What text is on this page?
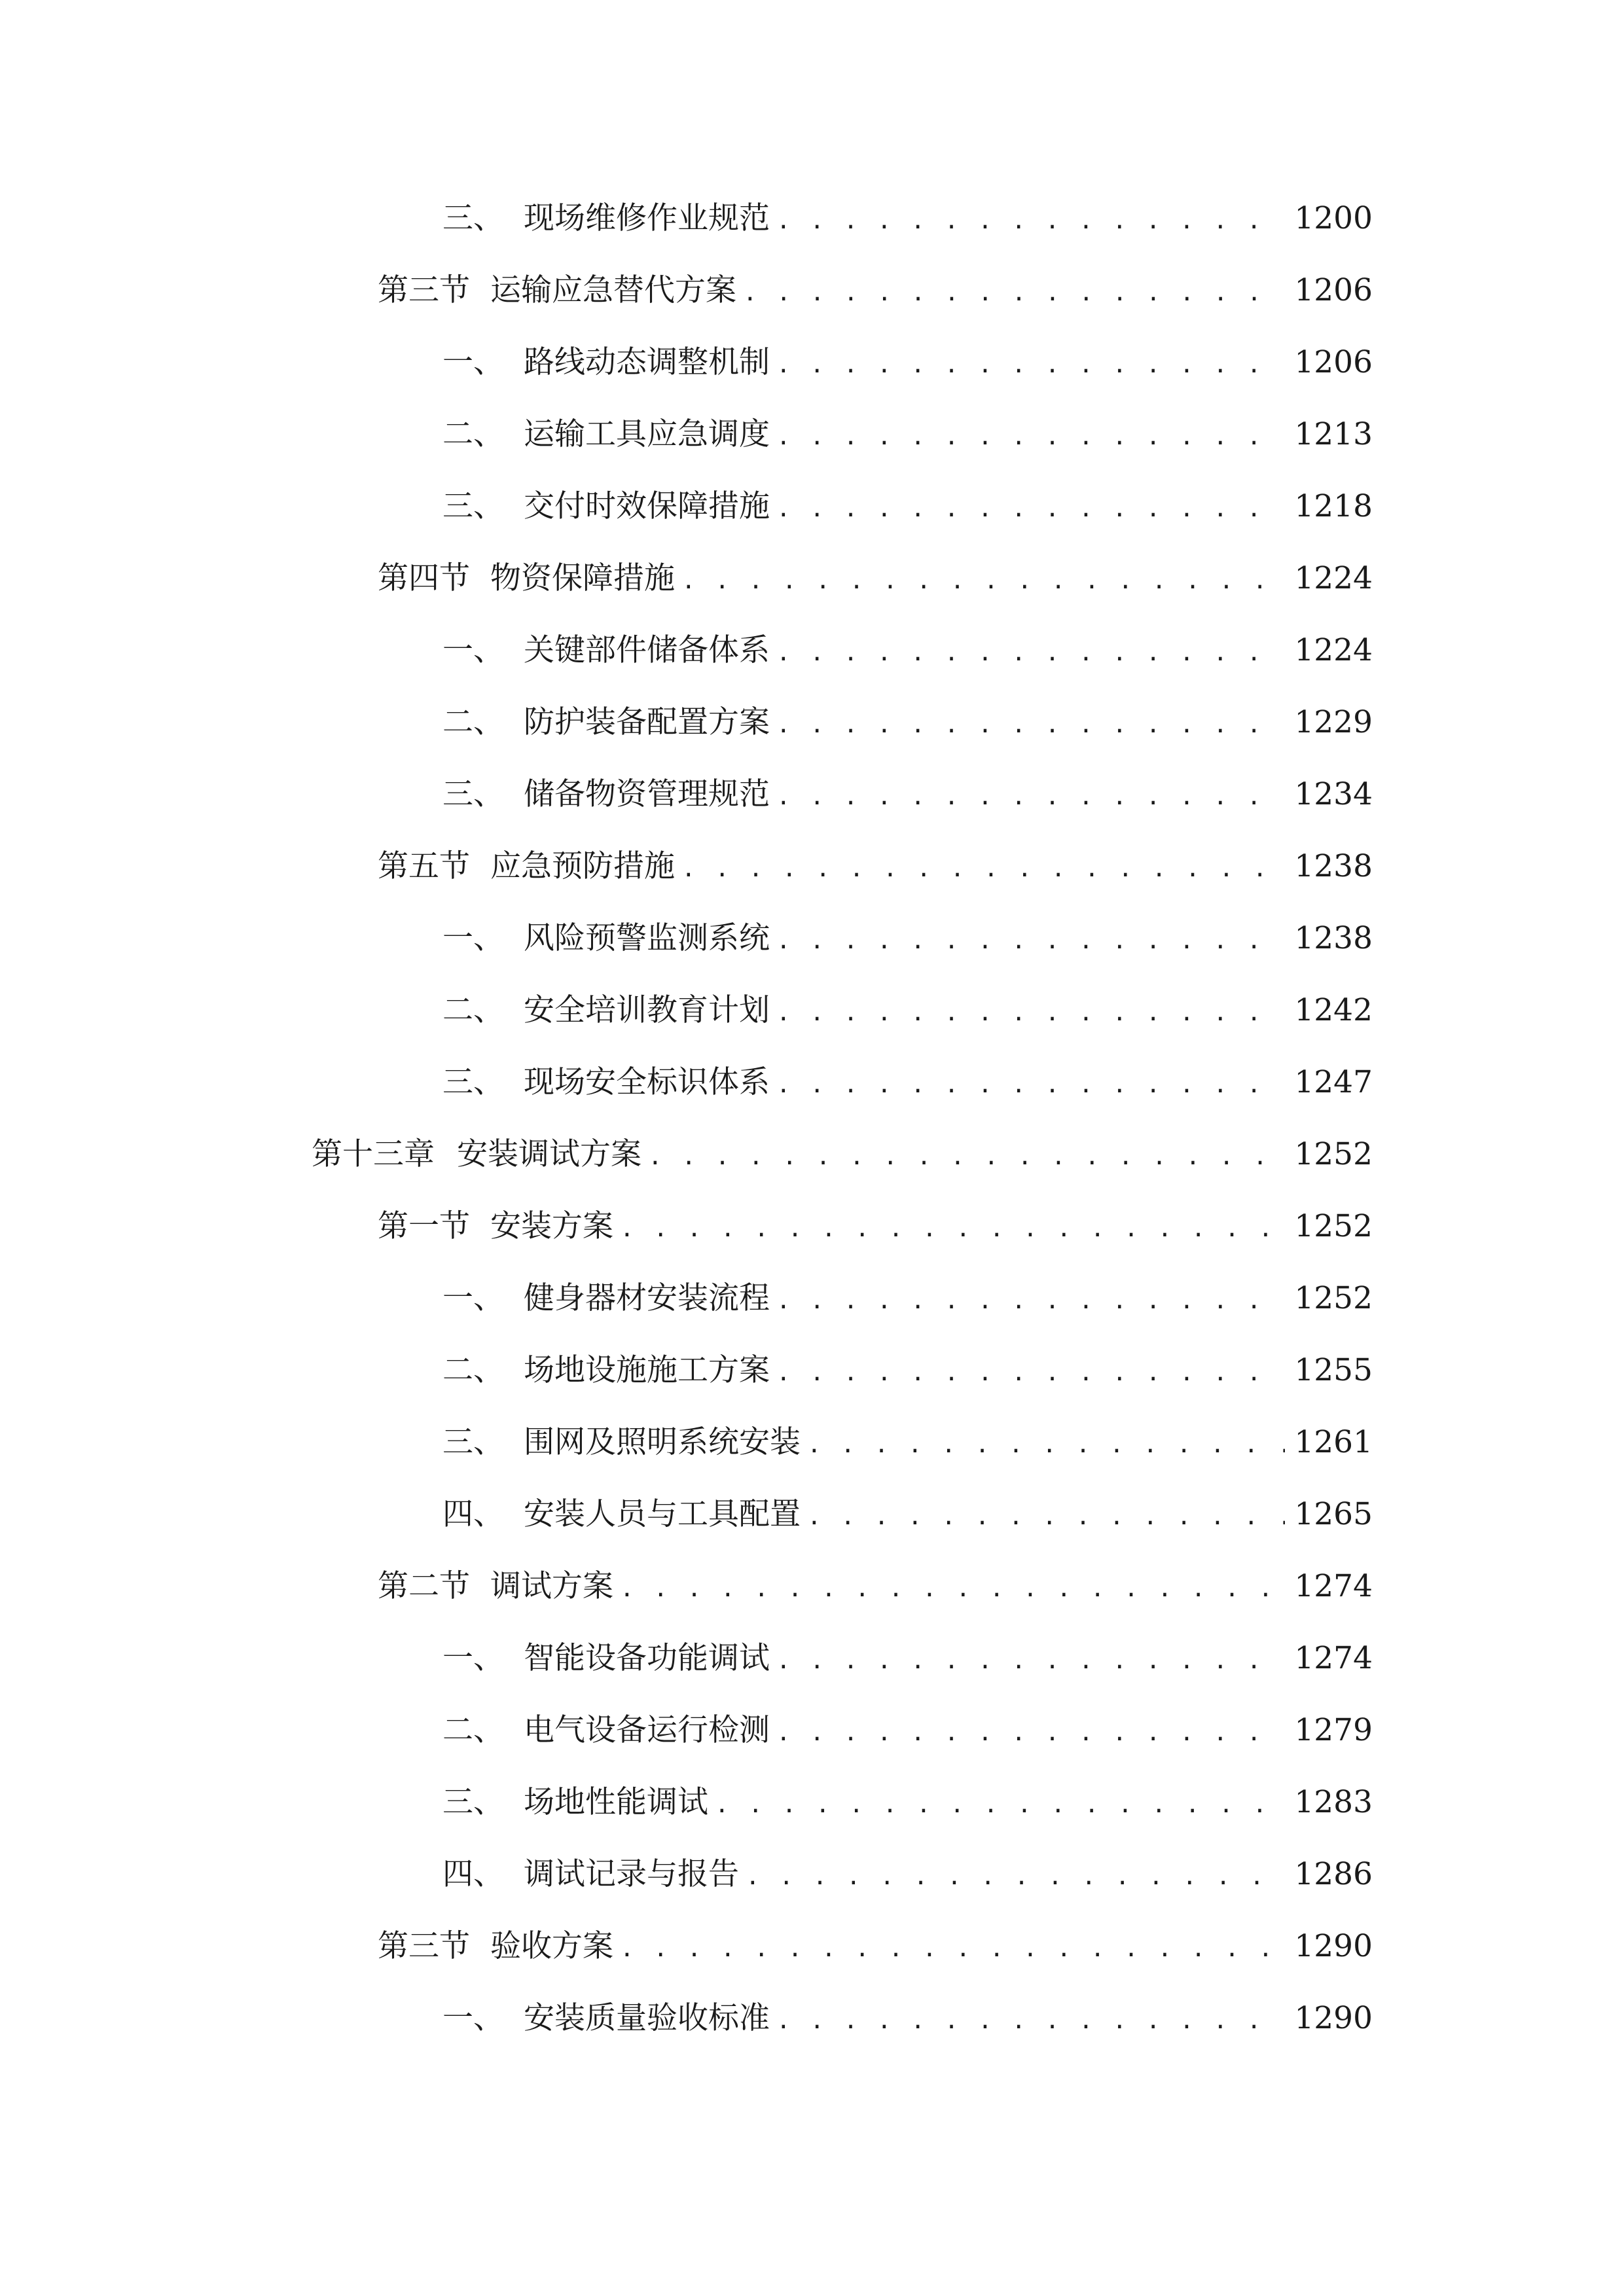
三、 现场维修作业规范 . . .	1200
第三节 运输应急替代方案 . . .	1206
一、 路线动态调整机制 . . .	1206
二、 运输工具应急调度 . . .	1213
三、 交付时效保障措施 . . .	1218
第四节 物资保障措施 . . .	1224
一、 关键部件储备体系 . . .	1224
二、 防护装备配置方案 . . .	1229
三、 储备物资管理规范 . . .	1234
第五节 应急预防措施 . . .	1238
一、 风险预警监测系统 . . .	1238
二、 安全培训教育计划 . . .	1242
三、 现场安全标识体系 . . .	1247
第十三章 安装调试方案 . . .	1252
第一节 安装方案 . . .	1252
一、 健身器材安装流程 . . .	1252
二、 场地设施施工方案 . . .	1255
三、 围网及照明系统安装 . . .	1261
四、 安装人员与工具配置 . . .	1265
第二节 调试方案 . . .	1274
一、 智能设备功能调试 . . .	1274
二、 电气设备运行检测 . . .	1279
三、 场地性能调试 . . .	1283
四、 调试记录与报告 . . .	1286
第三节 验收方案 . . .	1290
一、 安装质量验收标准 . . .	1290
